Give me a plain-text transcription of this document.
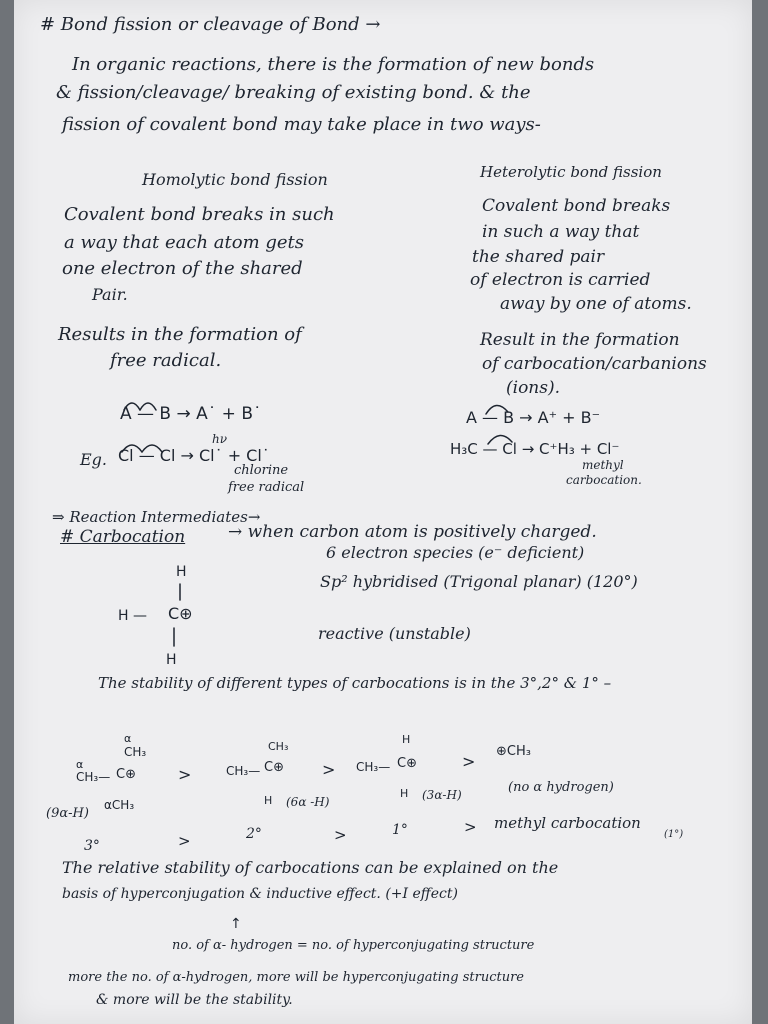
# Bond fission or cleavage of Bond →
In organic reactions, there is the formation of new bonds
& fission/cleavage/ breaking of existing bond. & the
fission of covalent bond may take place in two ways-
Homolytic bond fission
Covalent bond breaks in such
a way that each atom gets
one electron of the shared
Pair.
Results in the formation of
free radical.
A — B → A˙ + B˙
Eg. Cl — Cl → Cl˙ + Cl˙
hν
chlorine
free radical
Heterolytic bond fission
Covalent bond breaks
in such a way that
the shared pair
of electron is carried
away by one of atoms.
Result in the formation
of carbocation/carbanions
(ions).
A — B → A⁺ + B⁻
H₃C — Cl → C⁺H₃ + Cl⁻
methyl
carbocation.
⇒ Reaction Intermediates→
# Carbocation	→ when carbon atom is positively charged.
6 electron species (e⁻ deficient)
Sp² hybridised (Trigonal planar) (120°)
reactive (unstable)
H
H — C⊕
H
The stability of different types of carbocations is in the 3°,2° & 1° –
α
CH₃
CH₃— C⊕
αCH₃
α
(9α-H)
>
CH₃
CH₃— C⊕
H (6α -H)
>
H
CH₃— C⊕
H (3α-H)
>
⊕CH₃
(no α hydrogen)
3°	>	2°	>	1°	> methyl carbocation
(1°)
The relative stability of carbocations can be explained on the
basis of hyperconjugation & inductive effect. (+I effect)
↑
no. of α- hydrogen = no. of hyperconjugating structure
more the no. of α-hydrogen, more will be hyperconjugating structure
& more will be the stability.
